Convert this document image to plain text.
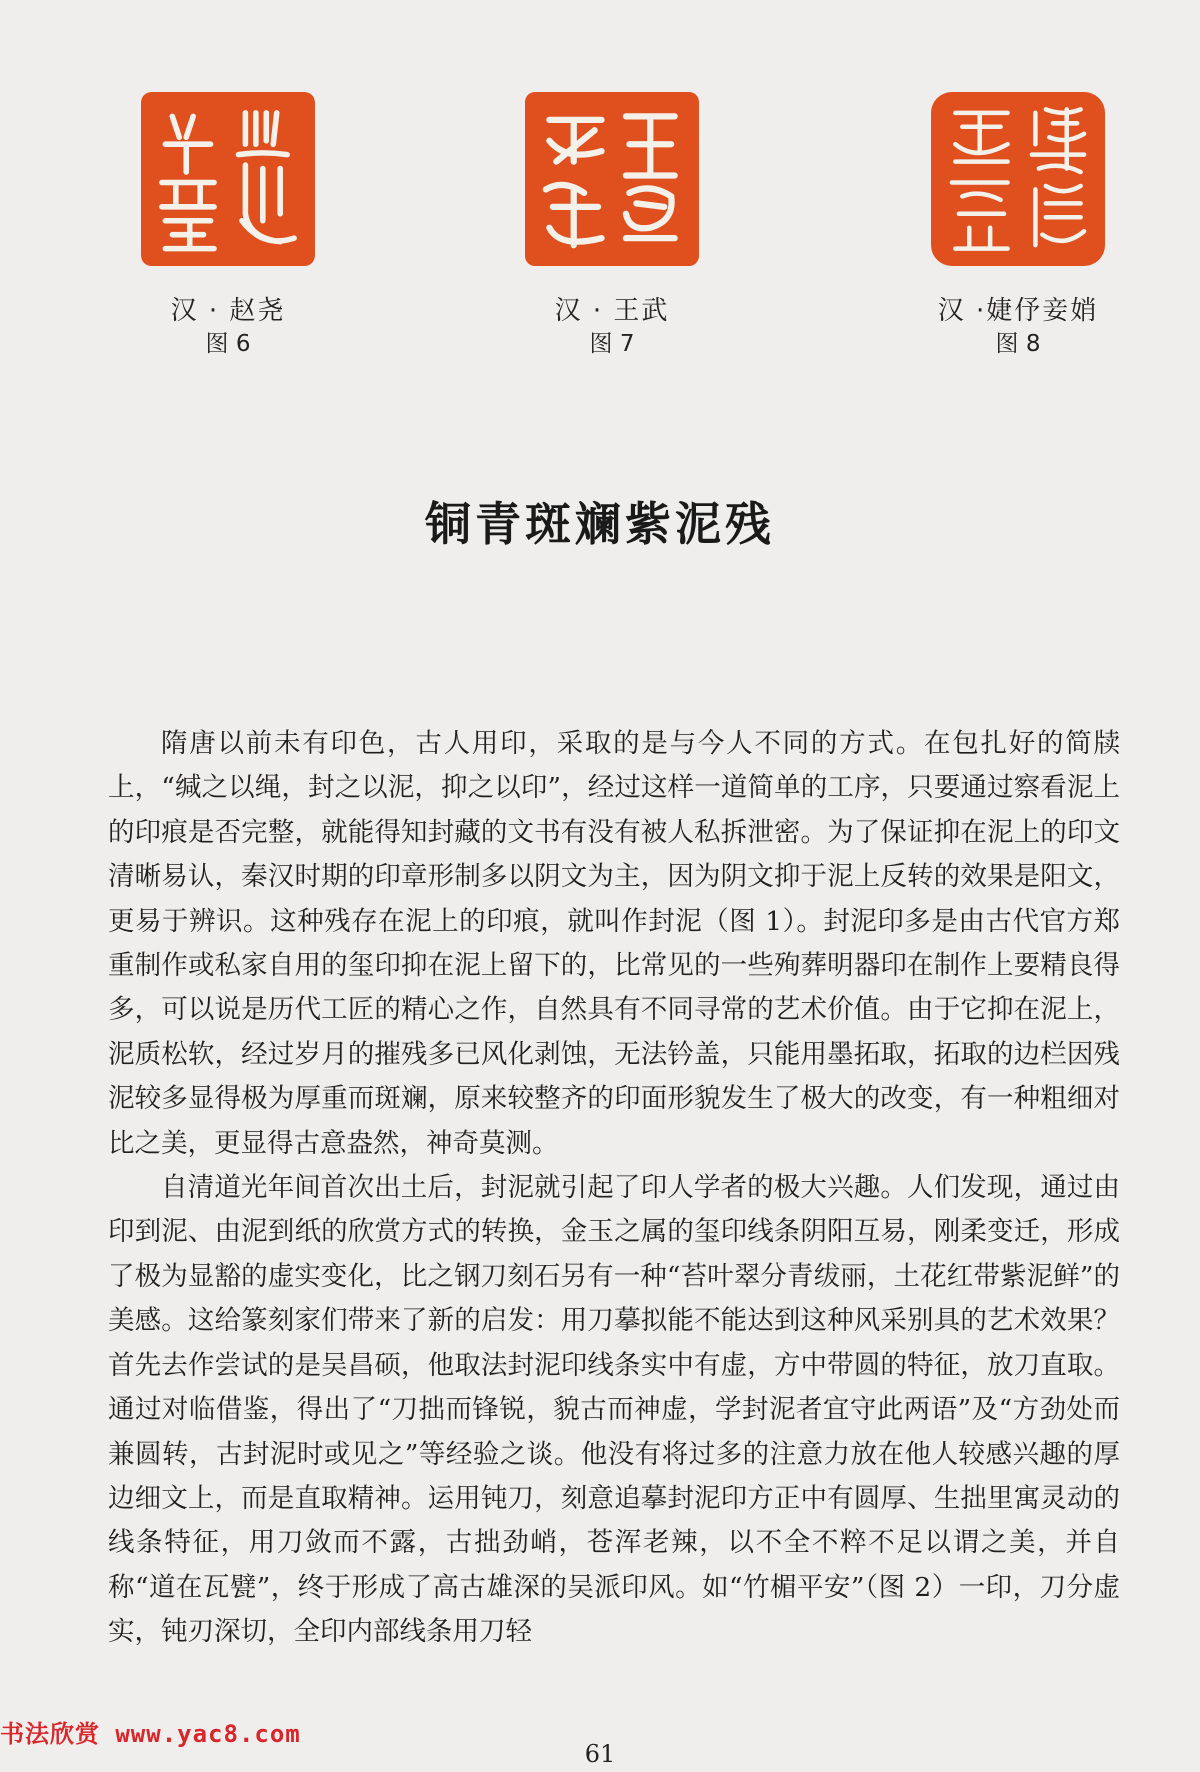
汉 · 赵尧
图 6
汉 · 王武
图 7
汉 ·婕伃妾娋
图 8
铜青斑斓紫泥残

隋唐以前未有印色，古人用印，采取的是与今人不同的方式。在包扎好的简牍上，“缄之以绳，封之以泥，抑之以印”，经过这样一道简单的工序，只要通过察看泥上的印痕是否完整，就能得知封藏的文书有没有被人私拆泄密。为了保证抑在泥上的印文清晰易认，秦汉时期的印章形制多以阴文为主，因为阴文抑于泥上反转的效果是阳文，更易于辨识。这种残存在泥上的印痕，就叫作封泥（图 1）。封泥印多是由古代官方郑重制作或私家自用的玺印抑在泥上留下的，比常见的一些殉葬明器印在制作上要精良得多，可以说是历代工匠的精心之作，自然具有不同寻常的艺术价值。由于它抑在泥上，泥质松软，经过岁月的摧残多已风化剥蚀，无法钤盖，只能用墨拓取，拓取的边栏因残泥较多显得极为厚重而斑斓，原来较整齐的印面形貌发生了极大的改变，有一种粗细对比之美，更显得古意盎然，神奇莫测。

自清道光年间首次出土后，封泥就引起了印人学者的极大兴趣。人们发现，通过由印到泥、由泥到纸的欣赏方式的转换，金玉之属的玺印线条阴阳互易，刚柔变迁，形成了极为显豁的虚实变化，比之钢刀刻石另有一种“苔叶翠分青绂丽，土花红带紫泥鲜”的美感。这给篆刻家们带来了新的启发：用刀摹拟能不能达到这种风采别具的艺术效果？首先去作尝试的是吴昌硕，他取法封泥印线条实中有虚，方中带圆的特征，放刀直取。通过对临借鉴，得出了“刀拙而锋锐，貌古而神虚，学封泥者宜守此两语”及“方劲处而兼圆转，古封泥时或见之”等经验之谈。他没有将过多的注意力放在他人较感兴趣的厚边细文上，而是直取精神。运用钝刀，刻意追摹封泥印方正中有圆厚、生拙里寓灵动的线条特征，用刀敛而不露，古拙劲峭，苍浑老辣，以不全不粹不足以谓之美，并自称“道在瓦甓”，终于形成了高古雄深的吴派印风。如“竹楣平安”（图 2）一印，刀分虚实，钝刃深切，全印内部线条用刀轻

书法欣赏 www.yac8.com
61
